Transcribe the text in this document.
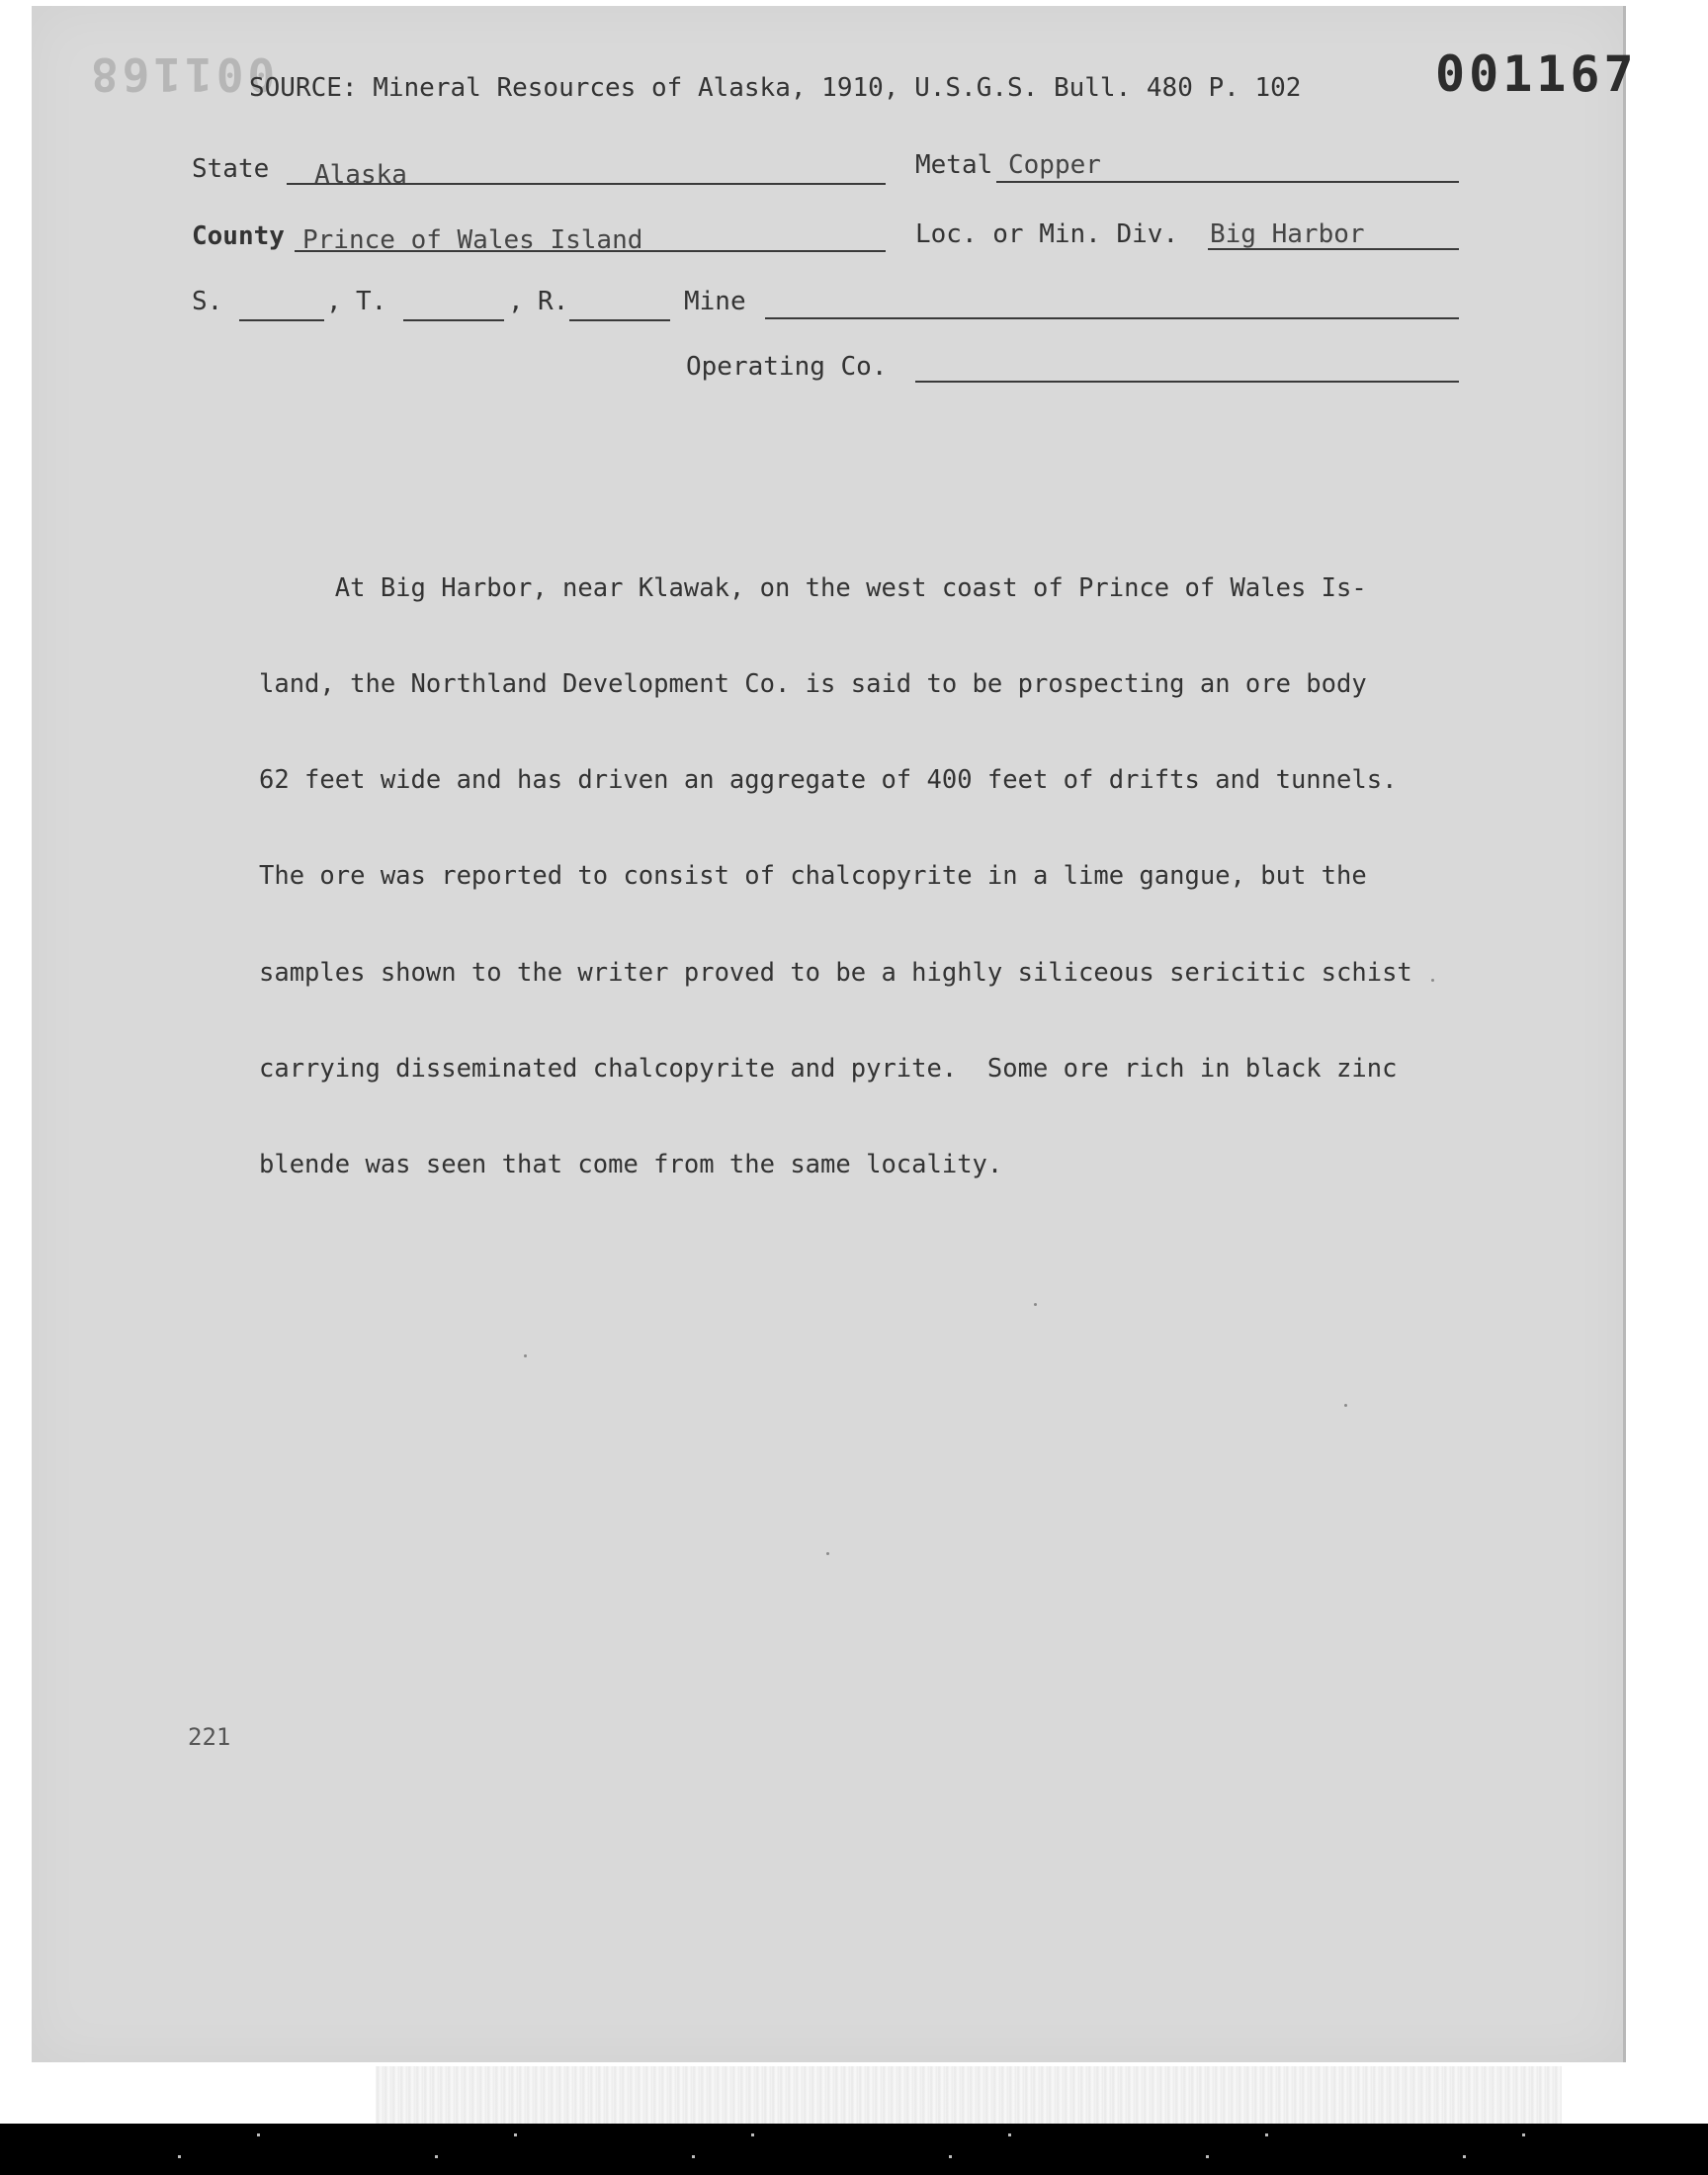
001168	001167
SOURCE: Mineral Resources of Alaska, 1910, U.S.G.S. Bull. 480 P. 102
State Alaska	Metal Copper
County Prince of Wales Island	Loc. or Min. Div. Big Harbor
S.	, T.	, R.	Mine
Operating Co.

At Big Harbor, near Klawak, on the west coast of Prince of Wales Is-

land, the Northland Development Co. is said to be prospecting an ore body

62 feet wide and has driven an aggregate of 400 feet of drifts and tunnels.

The ore was reported to consist of chalcopyrite in a lime gangue, but the

samples shown to the writer proved to be a highly siliceous sericitic schist

carrying disseminated chalcopyrite and pyrite.  Some ore rich in black zinc

blende was seen that come from the same locality.

221
